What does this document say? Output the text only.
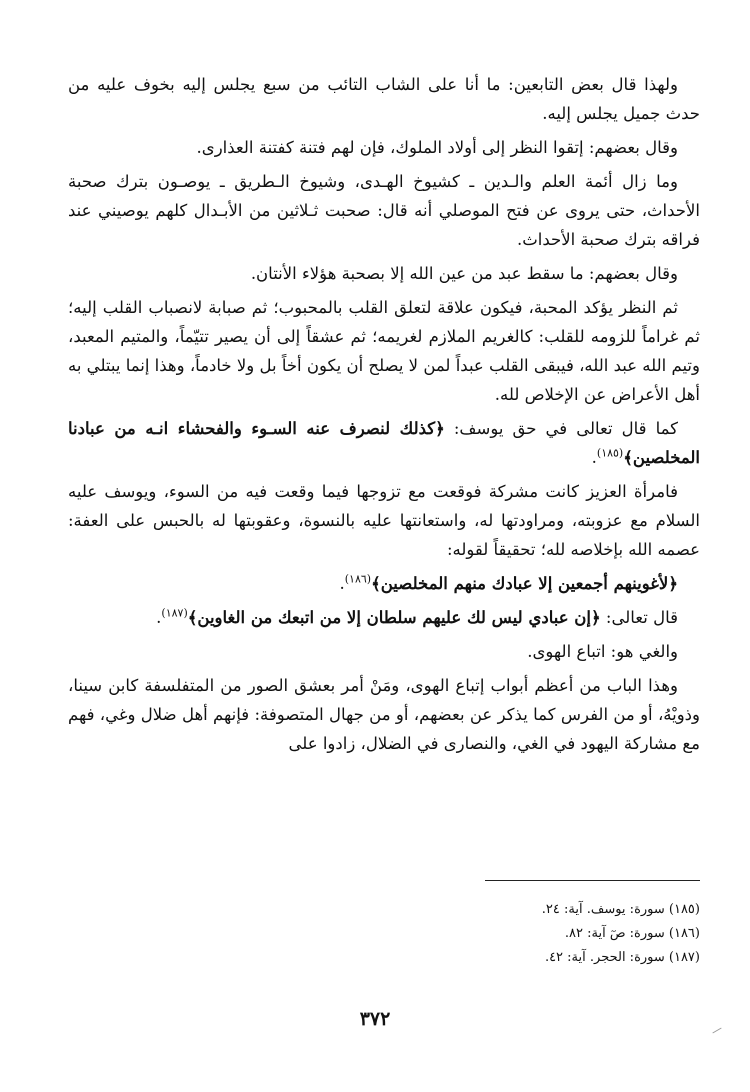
ولهذا قال بعض التابعين: ما أنا على الشاب التائب من سبع يجلس إليه بخوف عليه من حدث جميل يجلس إليه.

وقال بعضهم: إتقوا النظر إلى أولاد الملوك، فإن لهم فتنة كفتنة العذارى.

وما زال أئمة العلم والـدين ـ كشيوخ الهـدى، وشيوخ الـطريق ـ يوصـون بترك صحبة الأحداث، حتى يروى عن فتح الموصلي أنه قال: صحبت ثـلاثين من الأبـدال كلهم يوصيني عند فراقه بترك صحبة الأحداث.

وقال بعضهم: ما سقط عبد من عين الله إلا بصحبة هؤلاء الأنتان.

ثم النظر يؤكد المحبة، فيكون علاقة لتعلق القلب بالمحبوب؛ ثم صبابة لانصباب القلب إليه؛ ثم غراماً للزومه للقلب: كالغريم الملازم لغريمه؛ ثم عشقاً إلى أن يصير تتيّماً، والمتيم المعبد، وتيم الله عبد الله، فيبقى القلب عبداً لمن لا يصلح أن يكون أخاً بل ولا خادماً، وهذا إنما يبتلي به أهل الأعراض عن الإخلاص لله.

كما قال تعالى في حق يوسف: ﴿كذلك لنصرف عنه السـوء والفحشاء انـه من عبادنا المخلصين﴾$^{(١٨٥)}$.

فامرأة العزيز كانت مشركة فوقعت مع تزوجها فيما وقعت فيه من السوء، ويوسف عليه السلام مع عزوبته، ومراودتها له، واستعانتها عليه بالنسوة، وعقوبتها له بالحبس على العفة: عصمه الله بإخلاصه لله؛ تحقيقاً لقوله:

﴿لأغوينهم أجمعين إلا عبادك منهم المخلصين﴾$^{(١٨٦)}$.

قال تعالى: ﴿إن عبادي ليس لك عليهم سلطان إلا من اتبعك من الغاوين﴾$^{(١٨٧)}$.

والغي هو: اتباع الهوى.

وهذا الباب من أعظم أبواب إتباع الهوى، ومَنْ أمر بعشق الصور من المتفلسفة كابن سينا، وذويْهُ، أو من الفرس كما يذكر عن بعضهم، أو من جهال المتصوفة: فإنهم أهل ضلال وغي، فهم مع مشاركة اليهود في الغي، والنصارى في الضلال، زادوا على

(١٨٥) سورة: يوسف. آية: ٢٤.
(١٨٦) سورة: صٓ آية: ٨٢.
(١٨٧) سورة: الحجر. آية: ٤٢.
٣٧٢
